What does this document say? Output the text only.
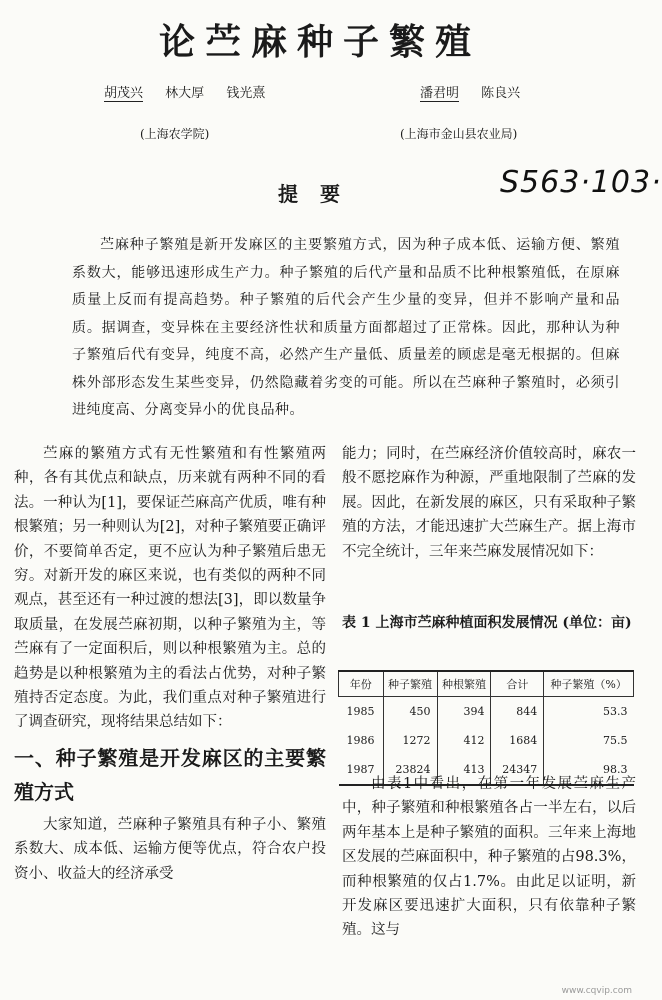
论苎麻种子繁殖
胡茂兴 林大厚 钱光熹	潘君明 陈良兴
(上海农学院)	(上海市金山县农业局)
S563·103·
提要

苎麻种子繁殖是新开发麻区的主要繁殖方式，因为种子成本低、运输方便、繁殖系数大，能够迅速形成生产力。种子繁殖的后代产量和品质不比种根繁殖低，在原麻质量上反而有提高趋势。种子繁殖的后代会产生少量的变异，但并不影响产量和品质。据调查，变异株在主要经济性状和质量方面都超过了正常株。因此，那种认为种子繁殖后代有变异，纯度不高，必然产生产量低、质量差的顾虑是毫无根据的。但麻株外部形态发生某些变异，仍然隐藏着劣变的可能。所以在苎麻种子繁殖时，必须引进纯度高、分离变异小的优良品种。

苎麻的繁殖方式有无性繁殖和有性繁殖两种，各有其优点和缺点，历来就有两种不同的看法。一种认为[1]，要保证苎麻高产优质，唯有种根繁殖；另一种则认为[2]，对种子繁殖要正确评价，不要简单否定，更不应认为种子繁殖后患无穷。对新开发的麻区来说，也有类似的两种不同观点，甚至还有一种过渡的想法[3]，即以数量争取质量，在发展苎麻初期，以种子繁殖为主，等苎麻有了一定面积后，则以种根繁殖为主。总的趋势是以种根繁殖为主的看法占优势，对种子繁殖持否定态度。为此，我们重点对种子繁殖进行了调查研究，现将结果总结如下：

一、种子繁殖是开发麻区的主要繁殖方式

大家知道，苎麻种子繁殖具有种子小、繁殖系数大、成本低、运输方便等优点，符合农户投资小、收益大的经济承受

能力；同时，在苎麻经济价值较高时，麻农一般不愿挖麻作为种源，严重地限制了苎麻的发展。因此，在新发展的麻区，只有采取种子繁殖的方法，才能迅速扩大苎麻生产。据上海市不完全统计，三年来苎麻发展情况如下：

表 1 上海市苎麻种植面积发展情况 (单位：亩)
年份	种子繁殖	种根繁殖	合计	种子繁殖（%）
1985	450	394	844	53.3
1986	1272	412	1684	75.5
1987	23824	413	24347	98.3

由表1中看出，在第一年发展苎麻生产中，种子繁殖和种根繁殖各占一半左右，以后两年基本上是种子繁殖的面积。三年来上海地区发展的苎麻面积中，种子繁殖的占98.3%，而种根繁殖的仅占1.7%。由此足以证明，新开发麻区要迅速扩大面积，只有依靠种子繁殖。这与

www.cqvip.com
